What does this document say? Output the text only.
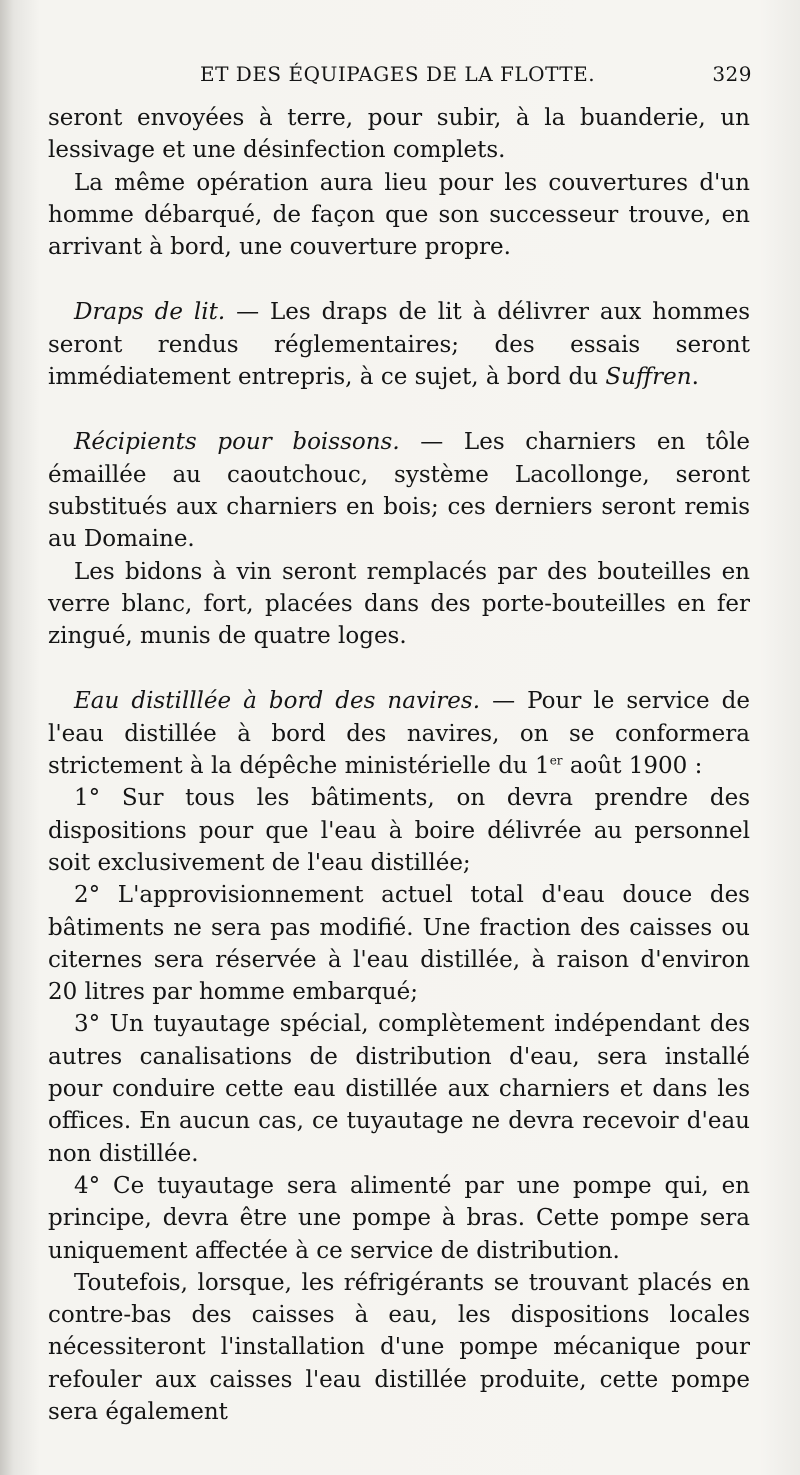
ET DES ÉQUIPAGES DE LA FLOTTE.	329

seront envoyées à terre, pour subir, à la buanderie, un lessivage et une désinfection complets.

La même opération aura lieu pour les couvertures d'un homme débarqué, de façon que son successeur trouve, en arrivant à bord, une couverture propre.

Draps de lit. — Les draps de lit à délivrer aux hommes seront rendus réglementaires; des essais seront immédiatement entrepris, à ce sujet, à bord du Suffren.

Récipients pour boissons. — Les charniers en tôle émaillée au caoutchouc, système Lacollonge, seront substitués aux charniers en bois; ces derniers seront remis au Domaine.

Les bidons à vin seront remplacés par des bouteilles en verre blanc, fort, placées dans des porte-bouteilles en fer zingué, munis de quatre loges.

Eau distilllée à bord des navires. — Pour le service de l'eau distillée à bord des navires, on se conformera strictement à la dépêche ministérielle du 1er août 1900 :

1° Sur tous les bâtiments, on devra prendre des dispositions pour que l'eau à boire délivrée au personnel soit exclusivement de l'eau distillée;

2° L'approvisionnement actuel total d'eau douce des bâtiments ne sera pas modifié. Une fraction des caisses ou citernes sera réservée à l'eau distillée, à raison d'environ 20 litres par homme embarqué;

3° Un tuyautage spécial, complètement indépendant des autres canalisations de distribution d'eau, sera installé pour conduire cette eau distillée aux charniers et dans les offices. En aucun cas, ce tuyautage ne devra recevoir d'eau non distillée.

4° Ce tuyautage sera alimenté par une pompe qui, en principe, devra être une pompe à bras. Cette pompe sera uniquement affectée à ce service de distribution.

Toutefois, lorsque, les réfrigérants se trouvant placés en contre-bas des caisses à eau, les dispositions locales nécessiteront l'installation d'une pompe mécanique pour refouler aux caisses l'eau distillée produite, cette pompe sera également
